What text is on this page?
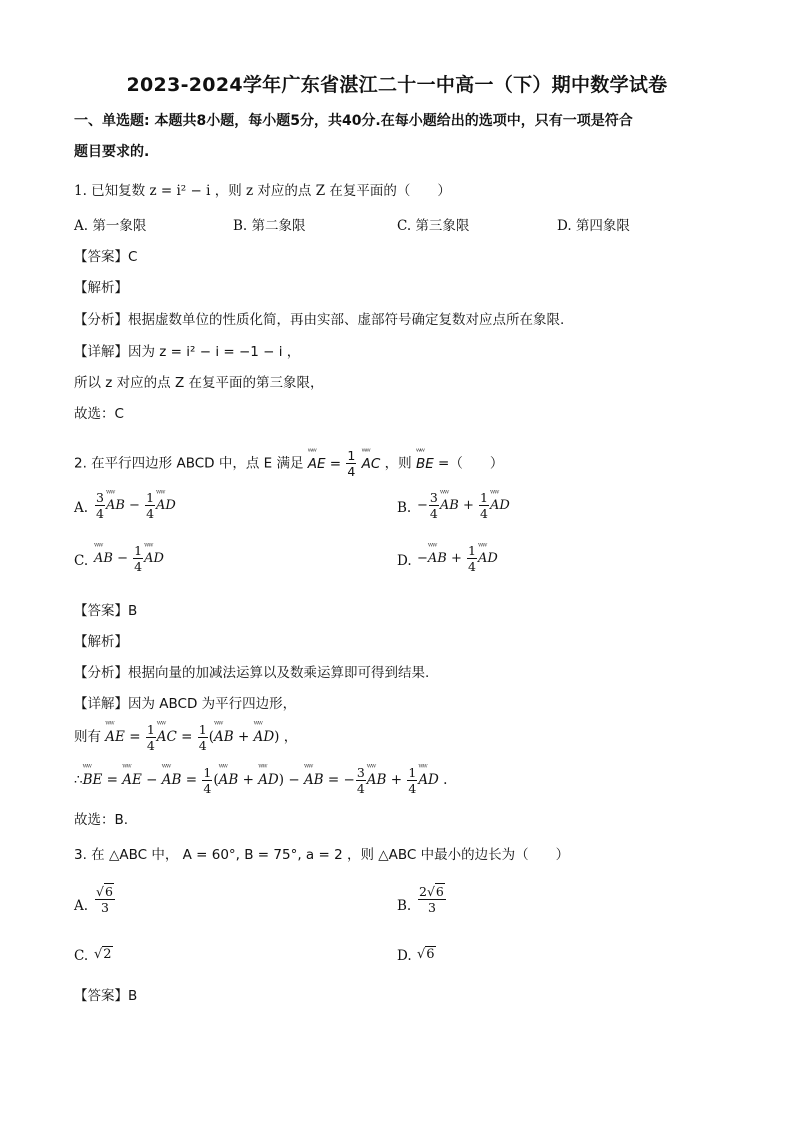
2023-2024学年广东省湛江二十一中高一（下）期中数学试卷
一、单选题: 本题共8小题，每小题5分，共40分.在每小题给出的选项中，只有一项是符合
题目要求的.
1. 已知复数 z = i² − i ，则 z 对应的点 Z 在复平面的（　　）
A. 第一象限	B. 第二象限	C. 第三象限	D. 第四象限
【答案】C
【解析】
【分析】根据虚数单位的性质化简，再由实部、虚部符号确定复数对应点所在象限.
【详解】因为 z = i² − i = −1 − i ，
所以 z 对应的点 Z 在复平面的第三象限，
故选：C
2. 在平行四边形 ABCD 中，点 E 满足 ᵂᵂ AE = $\frac{1}{4}$ ᵂᵂ AC ，则 ᵂᵂ BE =（　　）
A. $\frac{3}{4}$ ᵂᵂ AB − $\frac{1}{4}$ ᵂᵂ AD	B. − $\frac{3}{4}$ ᵂᵂ AB + $\frac{1}{4}$ ᵂᵂ AD
C. ᵂᵂ AB − $\frac{1}{4}$ ᵂᵂ AD	D. −ᵂᵂ AB + $\frac{1}{4}$ ᵂᵂ AD
【答案】B
【解析】
【分析】根据向量的加减法运算以及数乘运算即可得到结果.
【详解】因为 ABCD 为平行四边形，
则有 ᵂᵂ AE = $\frac{1}{4}$ ᵂᵂ AC = $\frac{1}{4}$ (ᵂᵂ AB + ᵂᵂ AD) ，
∴ᵂᵂ BE = ᵂᵂ AE − ᵂᵂ AB = $\frac{1}{4}$ (ᵂᵂ AB + ᵂᵂ AD) − ᵂᵂ AB = − $\frac{3}{4}$ ᵂᵂ AB + $\frac{1}{4}$ ᵂᵂ AD .
故选：B.
3. 在 △ABC 中， A = 60°, B = 75°, a = 2 ，则 △ABC 中最小的边长为（　　）
A. $\frac{√6}{3}$	B. $\frac{2√6}{3}$
C. √2	D. √6
【答案】B
